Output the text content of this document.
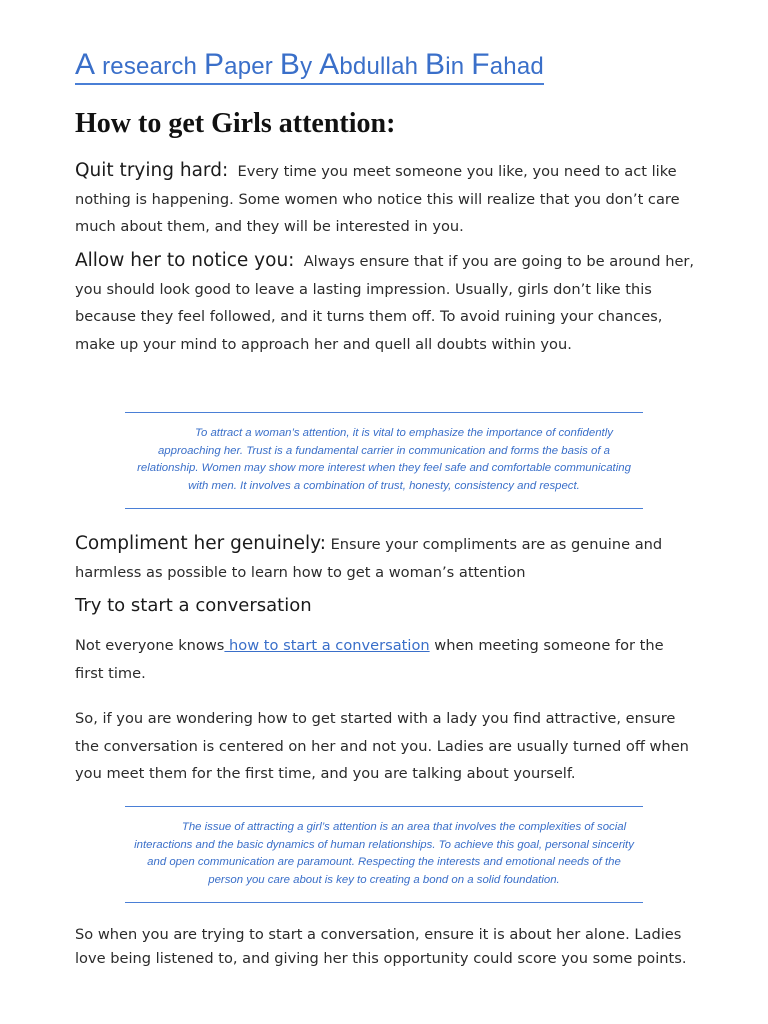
A research Paper By Abdullah Bin Fahad
How to get Girls attention:
Quit trying hard: Every time you meet someone you like, you need to act like nothing is happening. Some women who notice this will realize that you don’t care much about them, and they will be interested in you.
Allow her to notice you: Always ensure that if you are going to be around her, you should look good to leave a lasting impression. Usually, girls don’t like this because they feel followed, and it turns them off. To avoid ruining your chances, make up your mind to approach her and quell all doubts within you.
To attract a woman’s attention, it is vital to emphasize the importance of confidently approaching her. Trust is a fundamental carrier in communication and forms the basis of a relationship. Women may show more interest when they feel safe and comfortable communicating with men. It involves a combination of trust, honesty, consistency and respect.
Compliment her genuinely: Ensure your compliments are as genuine and harmless as possible to learn how to get a woman’s attention
Try to start a conversation
Not everyone knows how to start a conversation when meeting someone for the first time.
So, if you are wondering how to get started with a lady you find attractive, ensure the conversation is centered on her and not you. Ladies are usually turned off when you meet them for the first time, and you are talking about yourself.
The issue of attracting a girl’s attention is an area that involves the complexities of social interactions and the basic dynamics of human relationships. To achieve this goal, personal sincerity and open communication are paramount. Respecting the interests and emotional needs of the person you care about is key to creating a bond on a solid foundation.
So when you are trying to start a conversation, ensure it is about her alone. Ladies love being listened to, and giving her this opportunity could score you some points.
